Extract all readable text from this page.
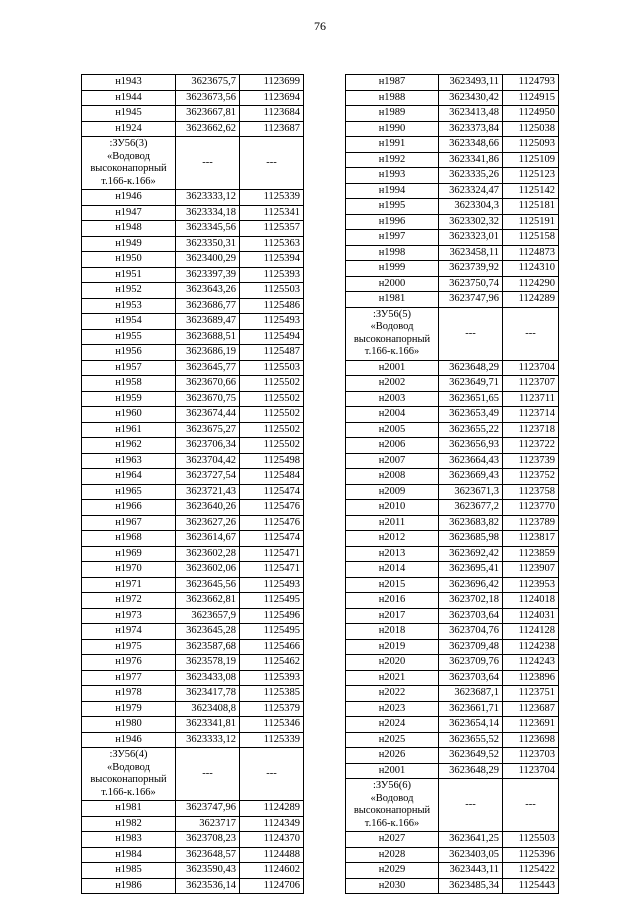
76
н1943	3623675,7	1123699
н1944	3623673,56	1123694
н1945	3623667,81	1123684
н1924	3623662,62	1123687
:ЗУ56(3)
«Водовод
высоконапорный
т.166-к.166»	---	---
н1946	3623333,12	1125339
н1947	3623334,18	1125341
н1948	3623345,56	1125357
н1949	3623350,31	1125363
н1950	3623400,29	1125394
н1951	3623397,39	1125393
н1952	3623643,26	1125503
н1953	3623686,77	1125486
н1954	3623689,47	1125493
н1955	3623688,51	1125494
н1956	3623686,19	1125487
н1957	3623645,77	1125503
н1958	3623670,66	1125502
н1959	3623670,75	1125502
н1960	3623674,44	1125502
н1961	3623675,27	1125502
н1962	3623706,34	1125502
н1963	3623704,42	1125498
н1964	3623727,54	1125484
н1965	3623721,43	1125474
н1966	3623640,26	1125476
н1967	3623627,26	1125476
н1968	3623614,67	1125474
н1969	3623602,28	1125471
н1970	3623602,06	1125471
н1971	3623645,56	1125493
н1972	3623662,81	1125495
н1973	3623657,9	1125496
н1974	3623645,28	1125495
н1975	3623587,68	1125466
н1976	3623578,19	1125462
н1977	3623433,08	1125393
н1978	3623417,78	1125385
н1979	3623408,8	1125379
н1980	3623341,81	1125346
н1946	3623333,12	1125339
:ЗУ56(4)
«Водовод
высоконапорный
т.166-к.166»	---	---
н1981	3623747,96	1124289
н1982	3623717	1124349
н1983	3623708,23	1124370
н1984	3623648,57	1124488
н1985	3623590,43	1124602
н1986	3623536,14	1124706
н1987	3623493,11	1124793
н1988	3623430,42	1124915
н1989	3623413,48	1124950
н1990	3623373,84	1125038
н1991	3623348,66	1125093
н1992	3623341,86	1125109
н1993	3623335,26	1125123
н1994	3623324,47	1125142
н1995	3623304,3	1125181
н1996	3623302,32	1125191
н1997	3623323,01	1125158
н1998	3623458,11	1124873
н1999	3623739,92	1124310
н2000	3623750,74	1124290
н1981	3623747,96	1124289
:ЗУ56(5)
«Водовод
высоконапорный
т.166-к.166»	---	---
н2001	3623648,29	1123704
н2002	3623649,71	1123707
н2003	3623651,65	1123711
н2004	3623653,49	1123714
н2005	3623655,22	1123718
н2006	3623656,93	1123722
н2007	3623664,43	1123739
н2008	3623669,43	1123752
н2009	3623671,3	1123758
н2010	3623677,2	1123770
н2011	3623683,82	1123789
н2012	3623685,98	1123817
н2013	3623692,42	1123859
н2014	3623695,41	1123907
н2015	3623696,42	1123953
н2016	3623702,18	1124018
н2017	3623703,64	1124031
н2018	3623704,76	1124128
н2019	3623709,48	1124238
н2020	3623709,76	1124243
н2021	3623703,64	1123896
н2022	3623687,1	1123751
н2023	3623661,71	1123687
н2024	3623654,14	1123691
н2025	3623655,52	1123698
н2026	3623649,52	1123703
н2001	3623648,29	1123704
:ЗУ56(6)
«Водовод
высоконапорный
т.166-к.166»	---	---
н2027	3623641,25	1125503
н2028	3623403,05	1125396
н2029	3623443,11	1125422
н2030	3623485,34	1125443
